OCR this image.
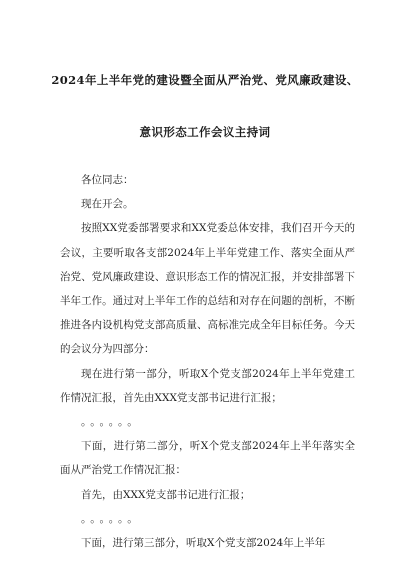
2024年上半年党的建设暨全面从严治党、党风廉政建设、
意识形态工作会议主持词

各位同志：

现在开会。

按照XX党委部署要求和XX党委总体安排，我们召开今天的会议，主要听取各支部2024年上半年党建工作、落实全面从严治党、党风廉政建设、意识形态工作的情况汇报，并安排部署下半年工作。通过对上半年工作的总结和对存在问题的剖析，不断推进各内设机构党支部高质量、高标准完成全年目标任务。今天的会议分为四部分：

现在进行第一部分，听取X个党支部2024年上半年党建工作情况汇报，首先由XXX党支部书记进行汇报；

。。。。。。

下面，进行第二部分，听X个党支部2024年上半年落实全面从严治党工作情况汇报：

首先，由XXX党支部书记进行汇报；

。。。。。。

下面，进行第三部分，听取X个党支部2024年上半年
